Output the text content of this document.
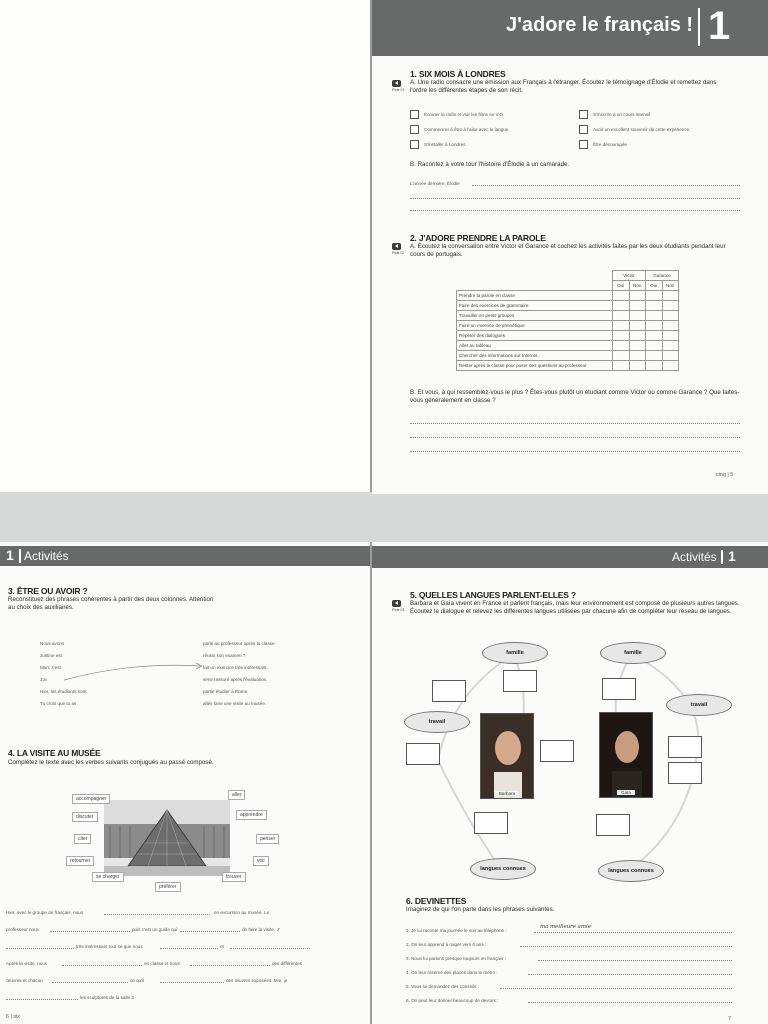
J'adore le français ! 1
1. SIX MOIS À LONDRES
Piste 01
A. Une radio consacre une émission aux Français à l'étranger. Écoutez le témoignage d'Élodie et remettez dans l'ordre les différentes étapes de son récit.
Écouter la radio et voir les films en V.O.
Commencer à être à l'aise avec la langue
S'installer à Londres
S'inscrire à un cours intensif
Avoir un excellent souvenir de cette expérience
Être découragée
B. Racontez à votre tour l'histoire d'Élodie à un camarade.
L'année dernière, Élodie
2. J'ADORE PRENDRE LA PAROLE
Piste 02
A. Écoutez la conversation entre Victor et Garance et cochez les activités faites par les deux étudiants pendant leur cours de portugais.
	Victor		Garance	
	Oui	Non	Oui	Non
Prendre la parole en classe				
Faire des exercices de grammaire				
Travailler en petits groupes				
Faire un exercice de phonétique				
Répéter des dialogues				
Aller au tableau				
Chercher des informations sur Internet				
Rester après la classe pour poser des questions au professeur				
B. Et vous, à qui ressemblez-vous le plus ? Êtes-vous plutôt un étudiant comme Victor ou comme Garance ? Que faites-vous généralement en classe ?
cinq | 5
1 Activités
3. ÊTRE OU AVOIR ?
Reconstituez des phrases cohérentes à partir des deux colonnes. Attention au choix des auxiliaires.
Nous avons
Justine est
Marc s'est
J'ai
Hier, les étudiants sont
Tu crois que tu as
parlé au professeur après la classe.
réussi son examen ?
fait un exercice très intéressant.
senti rassuré après l'évaluation.
partie étudier à Rome.
allés faire une visite au musée.
4. LA VISITE AU MUSÉE
Complétez le texte avec les verbes suivants conjugués au passé composé.
accompagner
aller
discuter	apprendre
citer	penser
retourner	voir
se charger	trouver
préférer
Hier, avec le groupe de français, nous	en excursion au musée. Le
professeur nous	puis c'est un guide qui	de faire la visite. J'
très intéressant tout ce que nous	et
Après la visite, nous	en classe et nous	des différentes
œuvres et chacun	ce qu'il	des œuvres exposées. Moi, je
les sculptures de la salle 3.
6 | six
Activités 1
5. QUELLES LANGUES PARLENT-ELLES ?
Piste 03
Barbara et Gaïa vivent en France et parlent français, mais leur environnement est composé de plusieurs autres langues. Écoutez le dialogue et relevez les différentes langues utilisées par chacune afin de compléter leur réseau de langues.
famille	famille
travail
travail
langues connues	langues connues
Barbara	Gaïa
6. DEVINETTES
Imaginez de qui l'on parle dans les phrases suivantes.
1. Je lui raconte ma journée le soir au téléphone :
ma meilleure amie
2. On leur apprend à nager vers 6 ans :
3. Nous lui parlons presque toujours en français :
4. On leur réserve des places dans le métro :
5. Vous lui demandez des conseils :
6. On peut leur donner beaucoup de devoirs :
7
